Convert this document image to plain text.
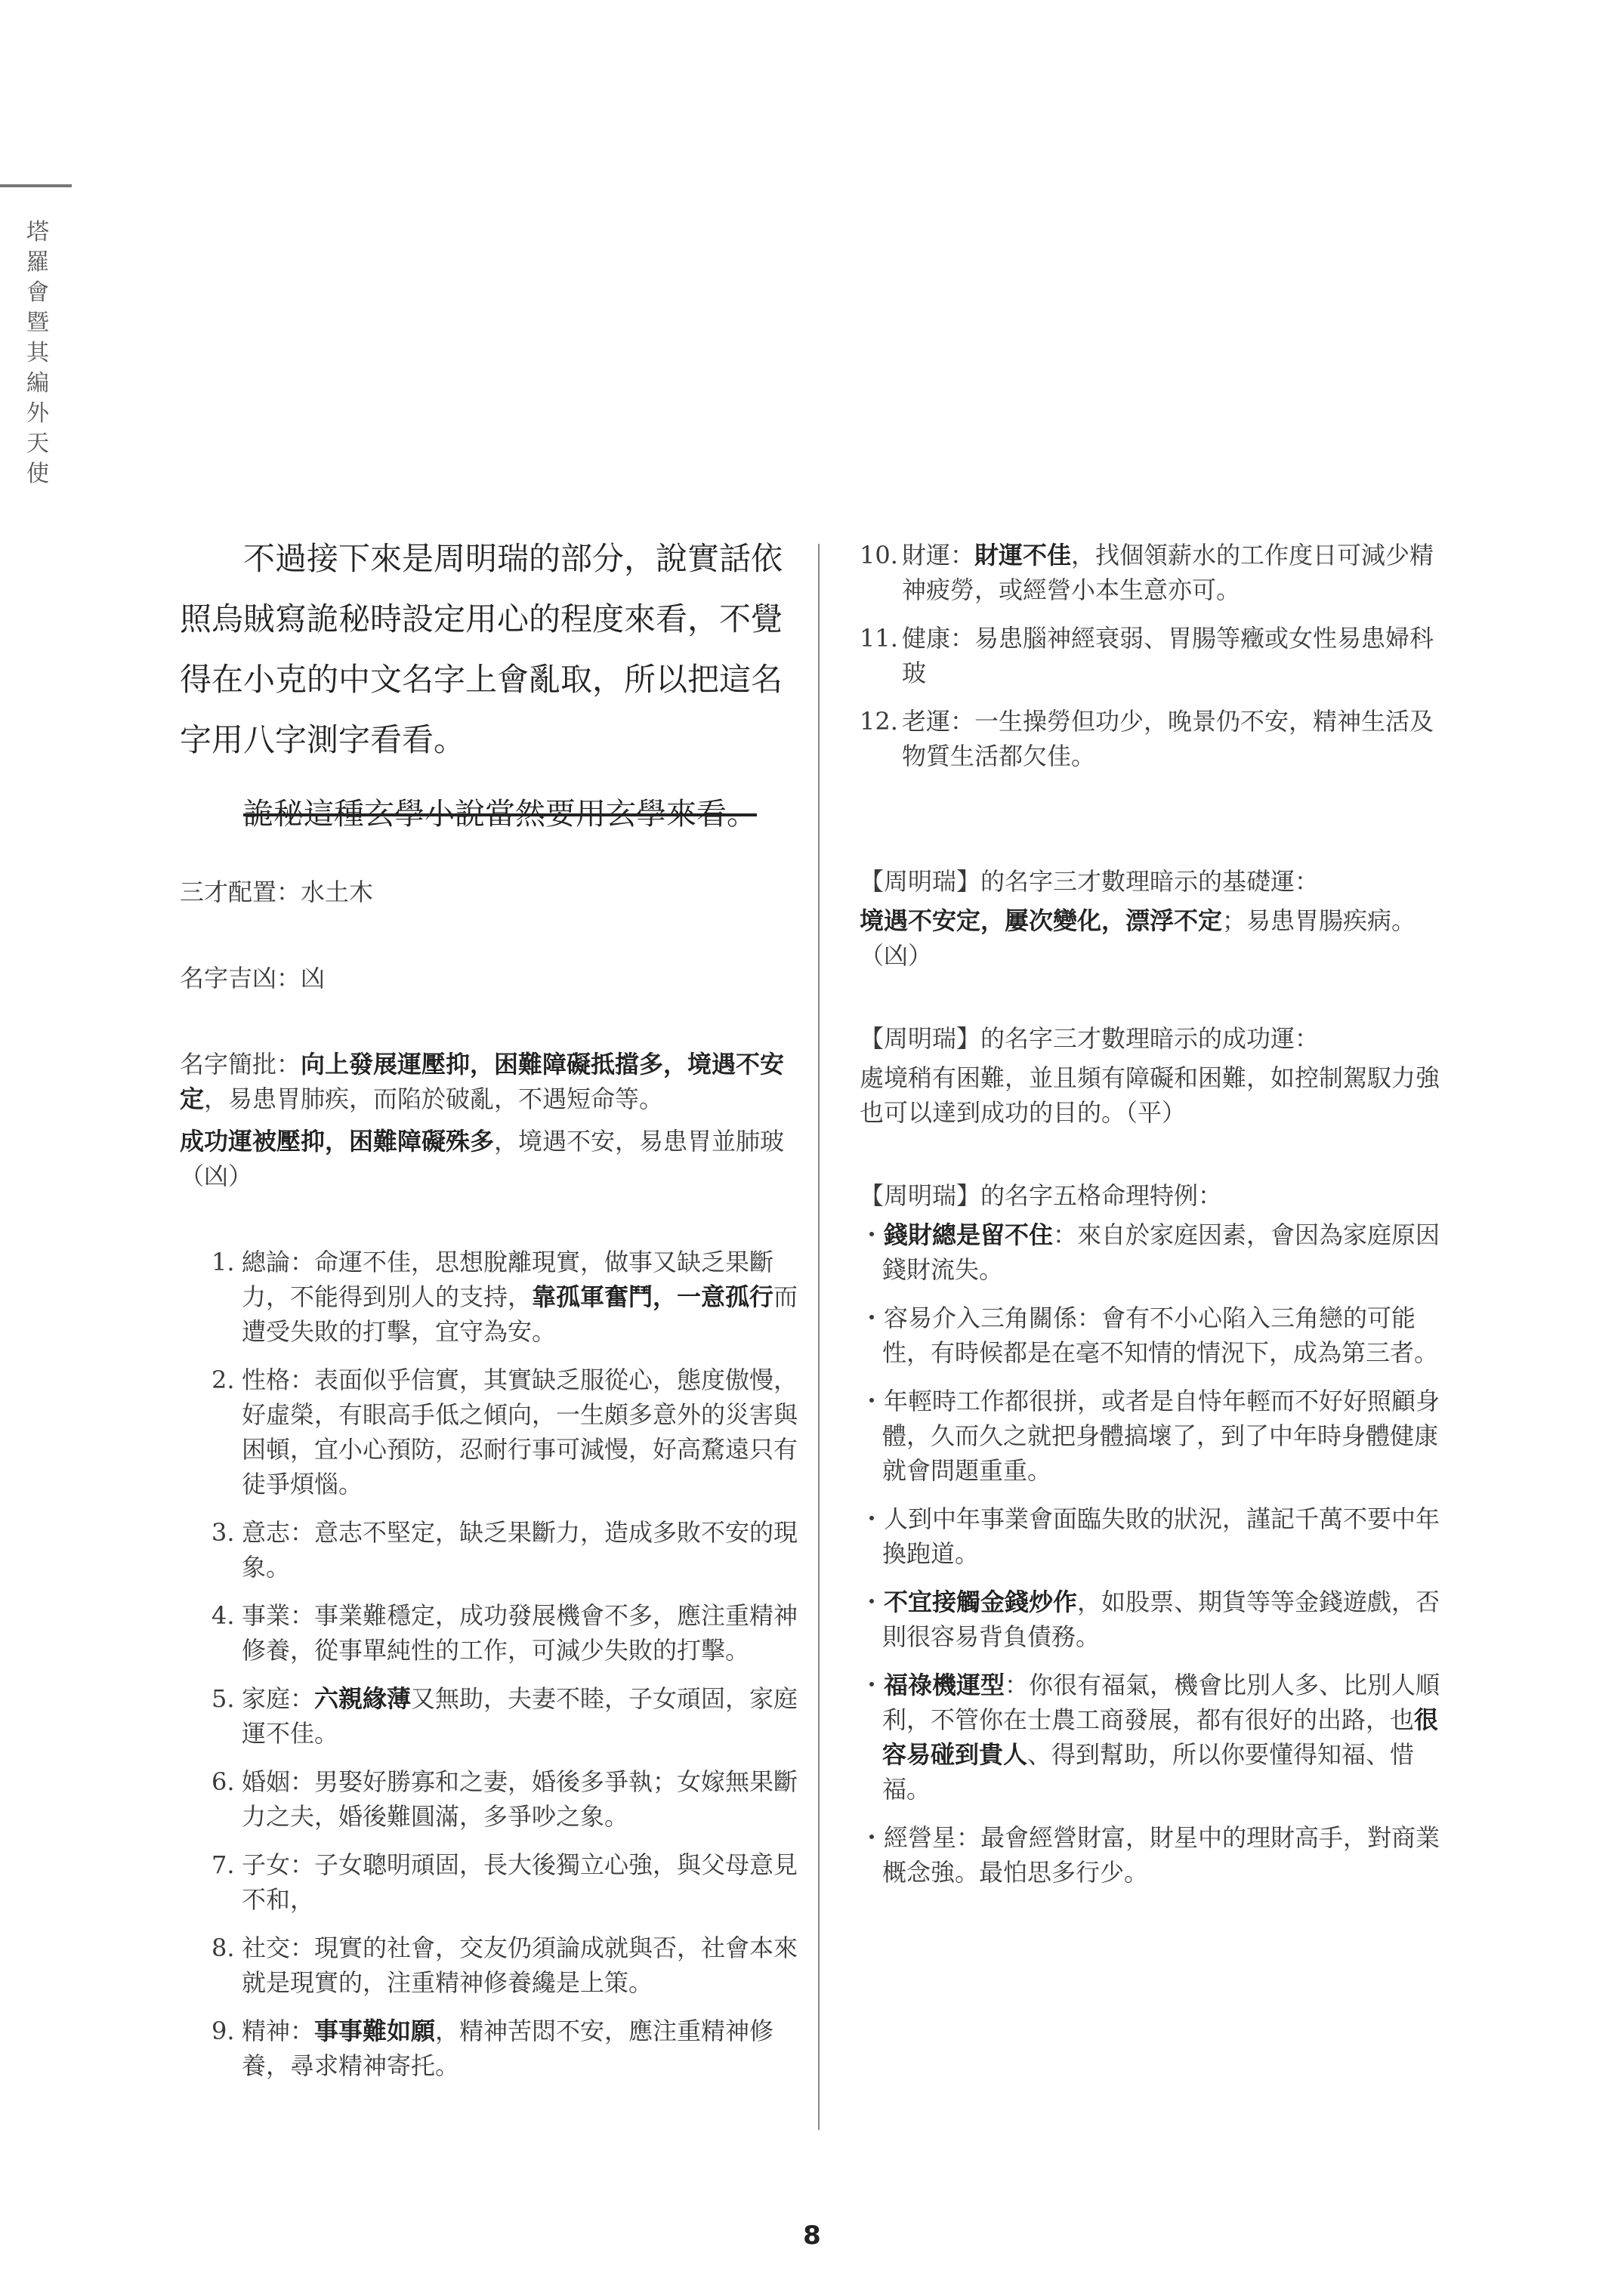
塔羅會暨其編外天使

不過接下來是周明瑞的部分，說實話依照烏賊寫詭秘時設定用心的程度來看，不覺得在小克的中文名字上會亂取，所以把這名字用八字測字看看。

詭秘這種玄學小說當然要用玄學來看。

三才配置：水土木

名字吉凶：凶

名字簡批：向上發展運壓抑，困難障礙抵擋多，境遇不安定，易患胃肺疾，而陷於破亂，不遇短命等。

成功運被壓抑，困難障礙殊多，境遇不安，易患胃並肺玻（凶）

1. 總論：命運不佳，思想脫離現實，做事又缺乏果斷力，不能得到別人的支持，靠孤軍奮鬥，一意孤行而遭受失敗的打擊，宜守為安。

2. 性格：表面似乎信實，其實缺乏服從心，態度傲慢，好虛榮，有眼高手低之傾向，一生頗多意外的災害與困頓，宜小心預防，忍耐行事可減慢，好高騖遠只有徒爭煩惱。

3. 意志：意志不堅定，缺乏果斷力，造成多敗不安的現象。

4. 事業：事業難穩定，成功發展機會不多，應注重精神修養，從事單純性的工作，可減少失敗的打擊。

5. 家庭：六親緣薄又無助，夫妻不睦，子女頑固，家庭運不佳。

6. 婚姻：男娶好勝寡和之妻，婚後多爭執；女嫁無果斷力之夫，婚後難圓滿，多爭吵之象。

7. 子女：子女聰明頑固，長大後獨立心強，與父母意見不和，

8. 社交：現實的社會，交友仍須論成就與否，社會本來就是現實的，注重精神修養纔是上策。

9. 精神：事事難如願，精神苦悶不安，應注重精神修養，尋求精神寄托。

10. 財運：財運不佳，找個領薪水的工作度日可減少精神疲勞，或經營小本生意亦可。

11. 健康：易患腦神經衰弱、胃腸等癥或女性易患婦科玻

12. 老運：一生操勞但功少，晚景仍不安，精神生活及物質生活都欠佳。

【周明瑞】的名字三才數理暗示的基礎運：

境遇不安定，屢次變化，漂浮不定；易患胃腸疾病。（凶）

【周明瑞】的名字三才數理暗示的成功運：

處境稍有困難，並且頻有障礙和困難，如控制駕馭力強也可以達到成功的目的。（平）

【周明瑞】的名字五格命理特例：

・錢財總是留不住：來自於家庭因素，會因為家庭原因錢財流失。

・容易介入三角關係：會有不小心陷入三角戀的可能性，有時候都是在毫不知情的情況下，成為第三者。

・年輕時工作都很拼，或者是自恃年輕而不好好照顧身體，久而久之就把身體搞壞了，到了中年時身體健康就會問題重重。

・人到中年事業會面臨失敗的狀況，謹記千萬不要中年換跑道。

・不宜接觸金錢炒作，如股票、期貨等等金錢遊戲，否則很容易背負債務。

・福祿機運型：你很有福氣，機會比別人多、比別人順利，不管你在士農工商發展，都有很好的出路，也很容易碰到貴人、得到幫助，所以你要懂得知福、惜福。

・經營星：最會經營財富，財星中的理財高手，對商業概念強。最怕思多行少。

8
